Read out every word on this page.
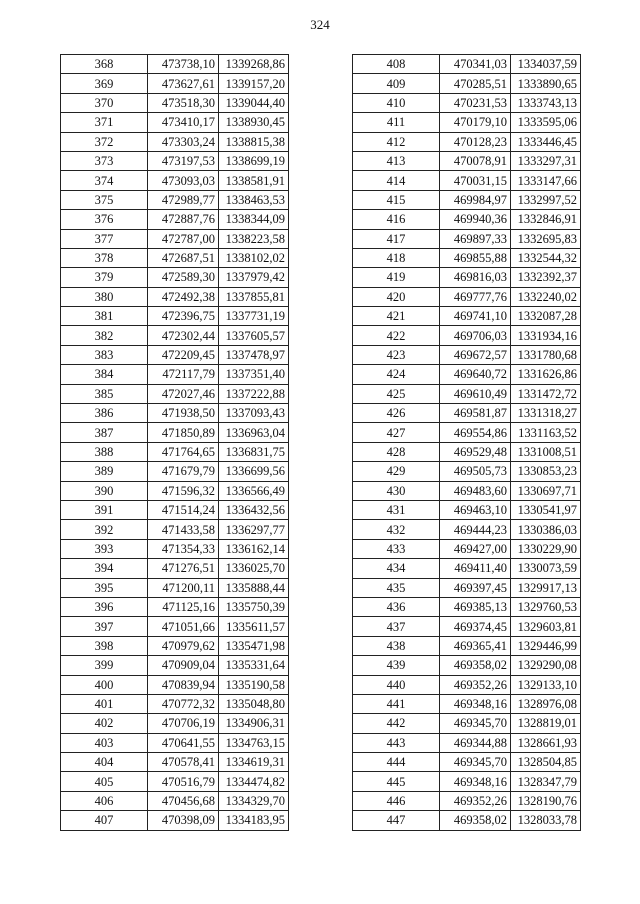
324
368	473738,10	1339268,86
369	473627,61	1339157,20
370	473518,30	1339044,40
371	473410,17	1338930,45
372	473303,24	1338815,38
373	473197,53	1338699,19
374	473093,03	1338581,91
375	472989,77	1338463,53
376	472887,76	1338344,09
377	472787,00	1338223,58
378	472687,51	1338102,02
379	472589,30	1337979,42
380	472492,38	1337855,81
381	472396,75	1337731,19
382	472302,44	1337605,57
383	472209,45	1337478,97
384	472117,79	1337351,40
385	472027,46	1337222,88
386	471938,50	1337093,43
387	471850,89	1336963,04
388	471764,65	1336831,75
389	471679,79	1336699,56
390	471596,32	1336566,49
391	471514,24	1336432,56
392	471433,58	1336297,77
393	471354,33	1336162,14
394	471276,51	1336025,70
395	471200,11	1335888,44
396	471125,16	1335750,39
397	471051,66	1335611,57
398	470979,62	1335471,98
399	470909,04	1335331,64
400	470839,94	1335190,58
401	470772,32	1335048,80
402	470706,19	1334906,31
403	470641,55	1334763,15
404	470578,41	1334619,31
405	470516,79	1334474,82
406	470456,68	1334329,70
407	470398,09	1334183,95
408	470341,03	1334037,59
409	470285,51	1333890,65
410	470231,53	1333743,13
411	470179,10	1333595,06
412	470128,23	1333446,45
413	470078,91	1333297,31
414	470031,15	1333147,66
415	469984,97	1332997,52
416	469940,36	1332846,91
417	469897,33	1332695,83
418	469855,88	1332544,32
419	469816,03	1332392,37
420	469777,76	1332240,02
421	469741,10	1332087,28
422	469706,03	1331934,16
423	469672,57	1331780,68
424	469640,72	1331626,86
425	469610,49	1331472,72
426	469581,87	1331318,27
427	469554,86	1331163,52
428	469529,48	1331008,51
429	469505,73	1330853,23
430	469483,60	1330697,71
431	469463,10	1330541,97
432	469444,23	1330386,03
433	469427,00	1330229,90
434	469411,40	1330073,59
435	469397,45	1329917,13
436	469385,13	1329760,53
437	469374,45	1329603,81
438	469365,41	1329446,99
439	469358,02	1329290,08
440	469352,26	1329133,10
441	469348,16	1328976,08
442	469345,70	1328819,01
443	469344,88	1328661,93
444	469345,70	1328504,85
445	469348,16	1328347,79
446	469352,26	1328190,76
447	469358,02	1328033,78
